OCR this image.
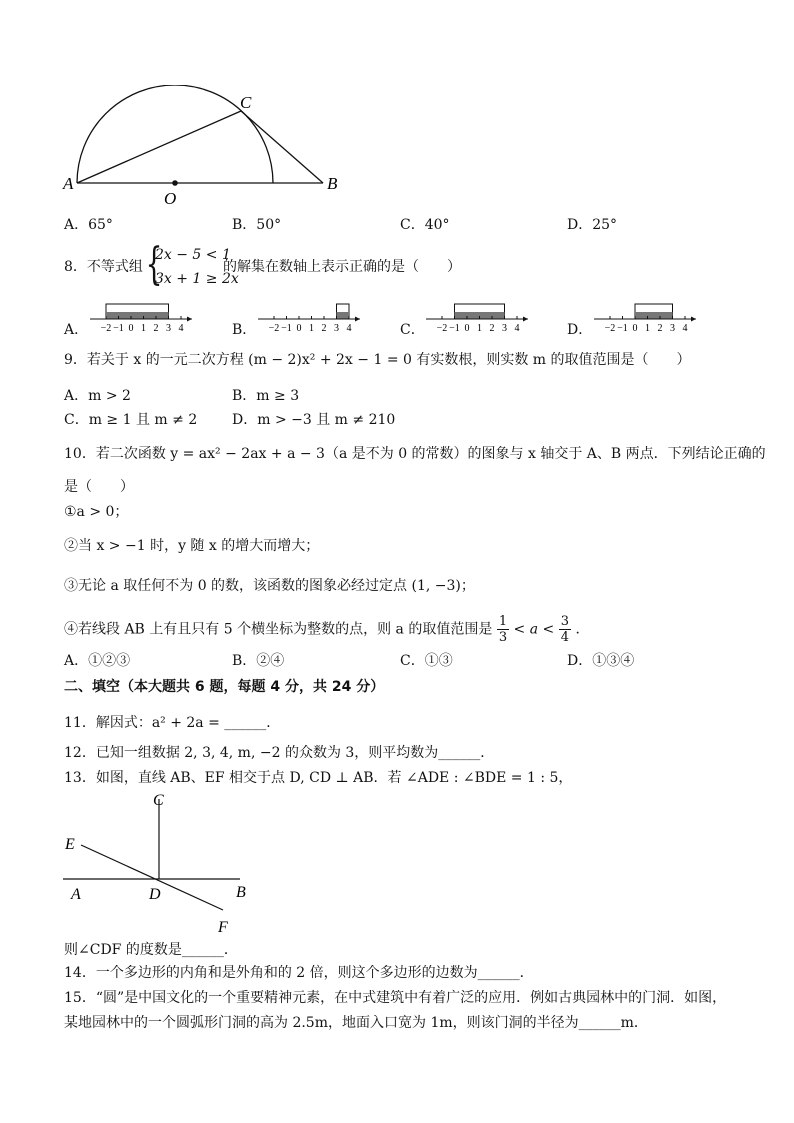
A	B
C
O
A．65°	B．50°	C．40°	D．25°
8．不等式组 {
2x − 5 < 1
3x + 1 ≥ 2x
的解集在数轴上表示正确的是（　　）
A．	B．	C．	D．
−2 −1 0 1 2 3 4	−2 −1 0 1 2 3 4	−2 −1 0 1 2 3 4	−2 −1 0 1 2 3 4
9．若关于 x 的一元二次方程 (m − 2)x² + 2x − 1 = 0 有实数根，则实数 m 的取值范围是（　　）
A．m > 2	B．m ≥ 3
C．m ≥ 1 且 m ≠ 2 D．m > −3 且 m ≠ 210
10．若二次函数 y = ax² − 2ax + a − 3（a 是不为 0 的常数）的图象与 x 轴交于 A、B 两点．下列结论正确的
是（　　）
①a > 0；
②当 x > −1 时，y 随 x 的增大而增大；
③无论 a 取任何不为 0 的数，该函数的图象必经过定点 (1, −3)；
④若线段 AB 上有且只有 5 个横坐标为整数的点，则 a 的取值范围是 $\frac{1}{3} < a < \frac{3}{4}$ ．
A．①②③	B．②④	C．①③	D．①③④
二、填空（本大题共 6 题，每题 4 分，共 24 分）
11．解因式：a² + 2a = ______．
12．已知一组数据 2, 3, 4, m, −2 的众数为 3，则平均数为______．
13．如图，直线 AB、EF 相交于点 D, CD ⊥ AB．若 ∠ADE : ∠BDE = 1 : 5，
C
E
A	D	B
F
则∠CDF 的度数是______．
14．一个多边形的内角和是外角和的 2 倍，则这个多边形的边数为______．
15．“圆”是中国文化的一个重要精神元素，在中式建筑中有着广泛的应用．例如古典园林中的门洞．如图，
某地园林中的一个圆弧形门洞的高为 2.5m，地面入口宽为 1m，则该门洞的半径为______m．
